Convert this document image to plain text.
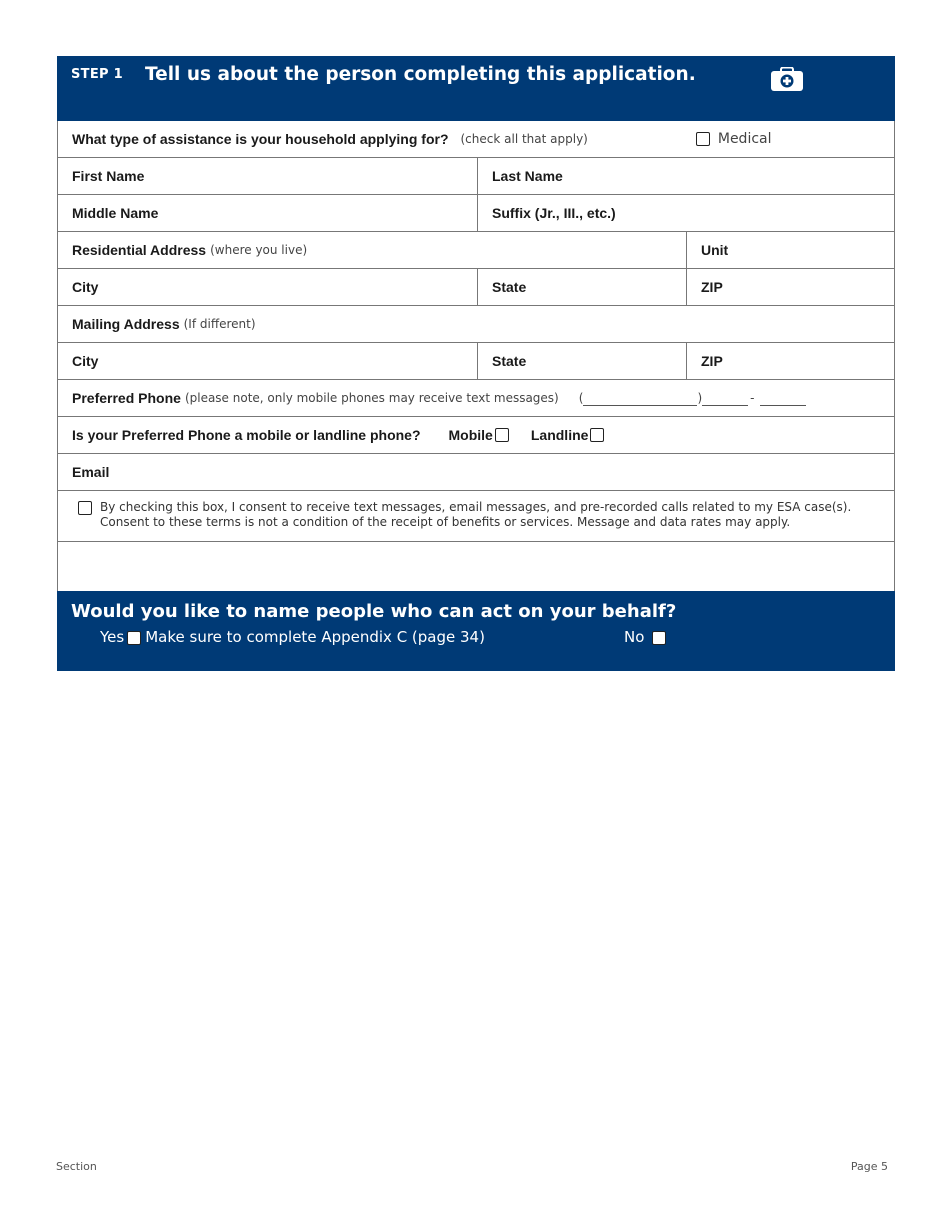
STEP 1 Tell us about the person completing this application.
What type of assistance is your household applying for? (check all that apply)	Medical
First Name	Last Name
Middle Name	Suffix (Jr., III., etc.)
Residential Address (where you live)	Unit
City	State	ZIP
Mailing Address (If different)
City	State	ZIP
Preferred Phone (please note, only mobile phones may receive text messages) (	)	-
Is your Preferred Phone a mobile or landline phone? Mobile	Landline
Email
By checking this box, I consent to receive text messages, email messages, and pre-recorded calls related to my ESA case(s). Consent to these terms is not a condition of the receipt of benefits or services. Message and data rates may apply.
Would you like to name people who can act on your behalf?
Yes Make sure to complete Appendix C (page 34)	No
Section	Page 5
